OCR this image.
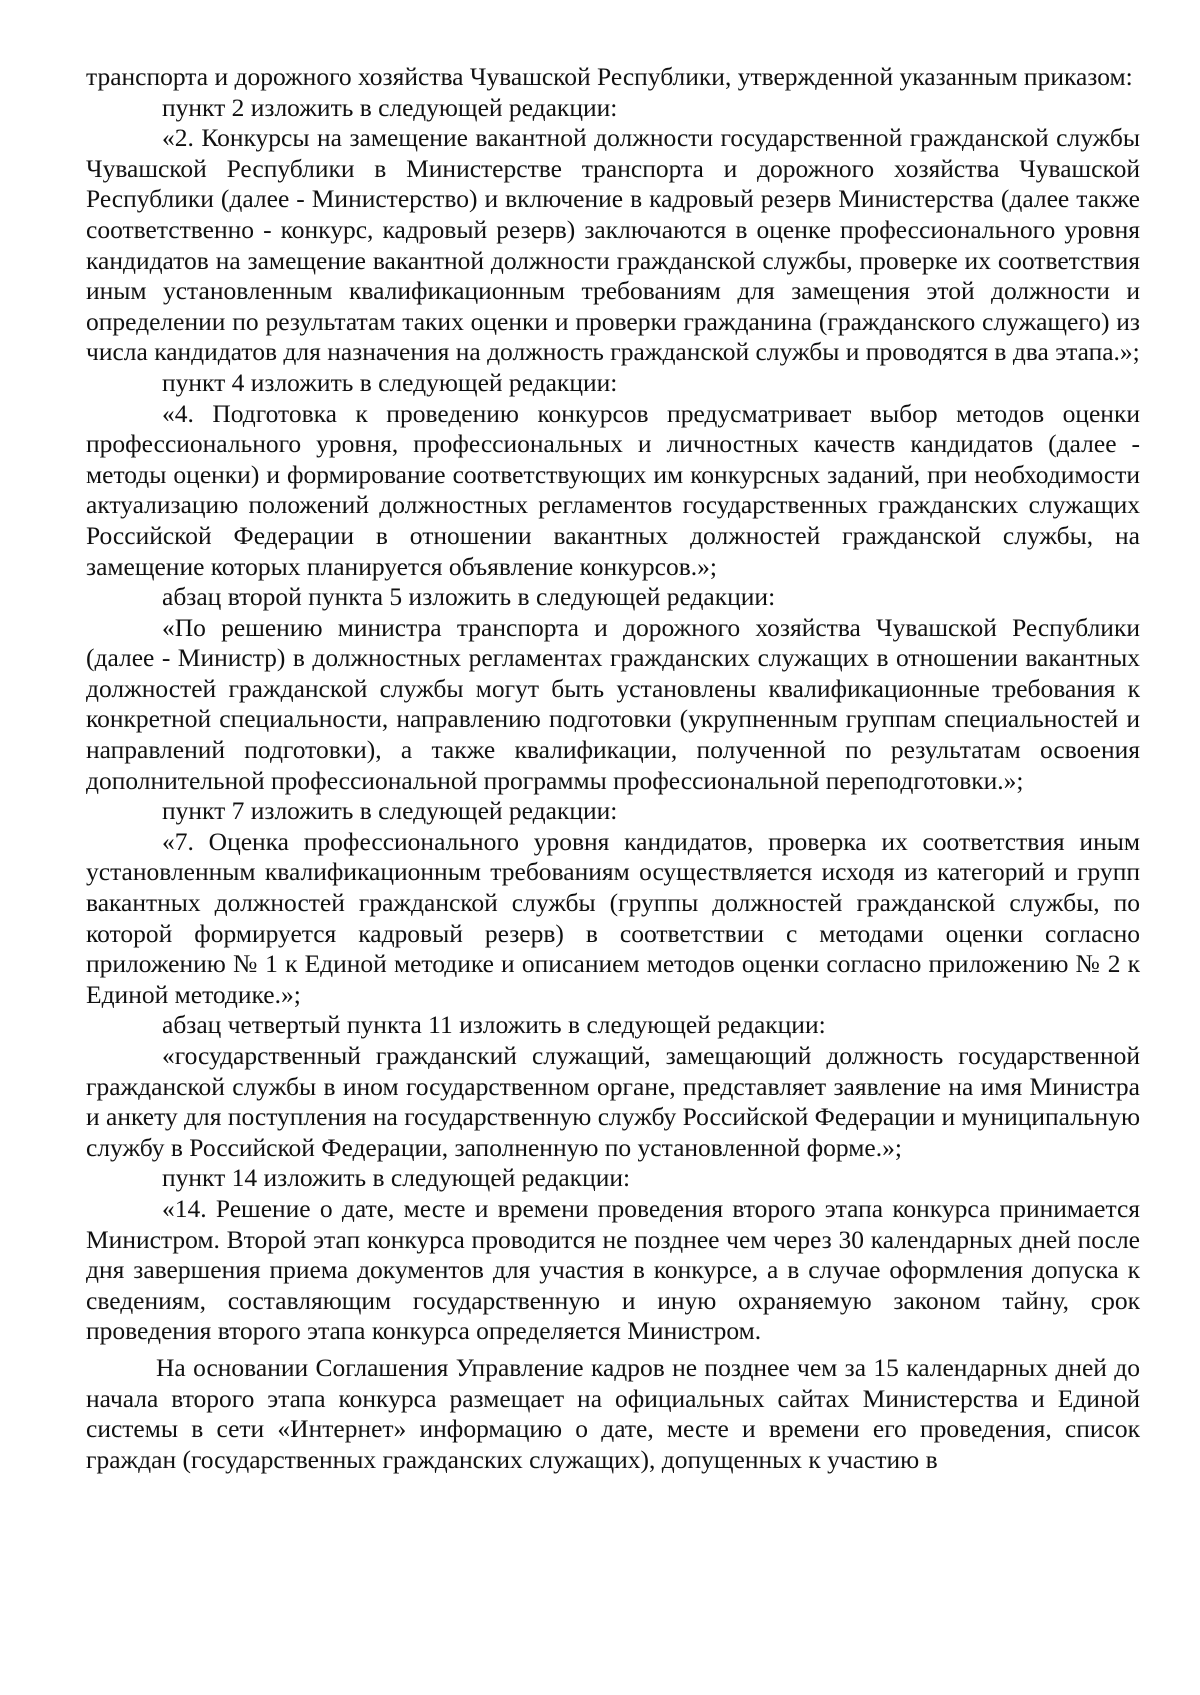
транспорта и дорожного хозяйства Чувашской Республики, утвержденной указанным приказом:

пункт 2 изложить в следующей редакции:

«2. Конкурсы на замещение вакантной должности государственной гражданской службы Чувашской Республики в Министерстве транспорта и дорожного хозяйства Чувашской Республики (далее - Министерство) и включение в кадровый резерв Министерства (далее также соответственно - конкурс, кадровый резерв) заключаются в оценке профессионального уровня кандидатов на замещение вакантной должности гражданской службы, проверке их соответствия иным установленным квалификационным требованиям для замещения этой должности и определении по результатам таких оценки и проверки гражданина (гражданского служащего) из числа кандидатов для назначения на должность гражданской службы и проводятся в два этапа.»;

пункт 4 изложить в следующей редакции:

«4. Подготовка к проведению конкурсов предусматривает выбор методов оценки профессионального уровня, профессиональных и личностных качеств кандидатов (далее - методы оценки) и формирование соответствующих им конкурсных заданий, при необходимости актуализацию положений должностных регламентов государственных гражданских служащих Российской Федерации в отношении вакантных должностей гражданской службы, на замещение которых планируется объявление конкурсов.»;

абзац второй пункта 5 изложить в следующей редакции:

«По решению министра транспорта и дорожного хозяйства Чувашской Республики (далее - Министр) в должностных регламентах гражданских служащих в отношении вакантных должностей гражданской службы могут быть установлены квалификационные требования к конкретной специальности, направлению подготовки (укрупненным группам специальностей и направлений подготовки), а также квалификации, полученной по результатам освоения дополнительной профессиональной программы профессиональной переподготовки.»;

пункт 7 изложить в следующей редакции:

«7. Оценка профессионального уровня кандидатов, проверка их соответствия иным установленным квалификационным требованиям осуществляется исходя из категорий и групп вакантных должностей гражданской службы (группы должностей гражданской службы, по которой формируется кадровый резерв) в соответствии с методами оценки согласно приложению № 1 к Единой методике и описанием методов оценки согласно приложению № 2 к Единой методике.»;

абзац четвертый пункта 11 изложить в следующей редакции:

«государственный гражданский служащий, замещающий должность государственной гражданской службы в ином государственном органе, представляет заявление на имя Министра и анкету для поступления на государственную службу Российской Федерации и муниципальную службу в Российской Федерации, заполненную по установленной форме.»;

пункт 14 изложить в следующей редакции:

«14. Решение о дате, месте и времени проведения второго этапа конкурса принимается Министром. Второй этап конкурса проводится не позднее чем через 30 календарных дней после дня завершения приема документов для участия в конкурсе, а в случае оформления допуска к сведениям, составляющим государственную и иную охраняемую законом тайну, срок проведения второго этапа конкурса определяется Министром.

На основании Соглашения Управление кадров не позднее чем за 15 календарных дней до начала второго этапа конкурса размещает на официальных сайтах Министерства и Единой системы в сети «Интернет» информацию о дате, месте и времени его проведения, список граждан (государственных гражданских служащих), допущенных к участию в
